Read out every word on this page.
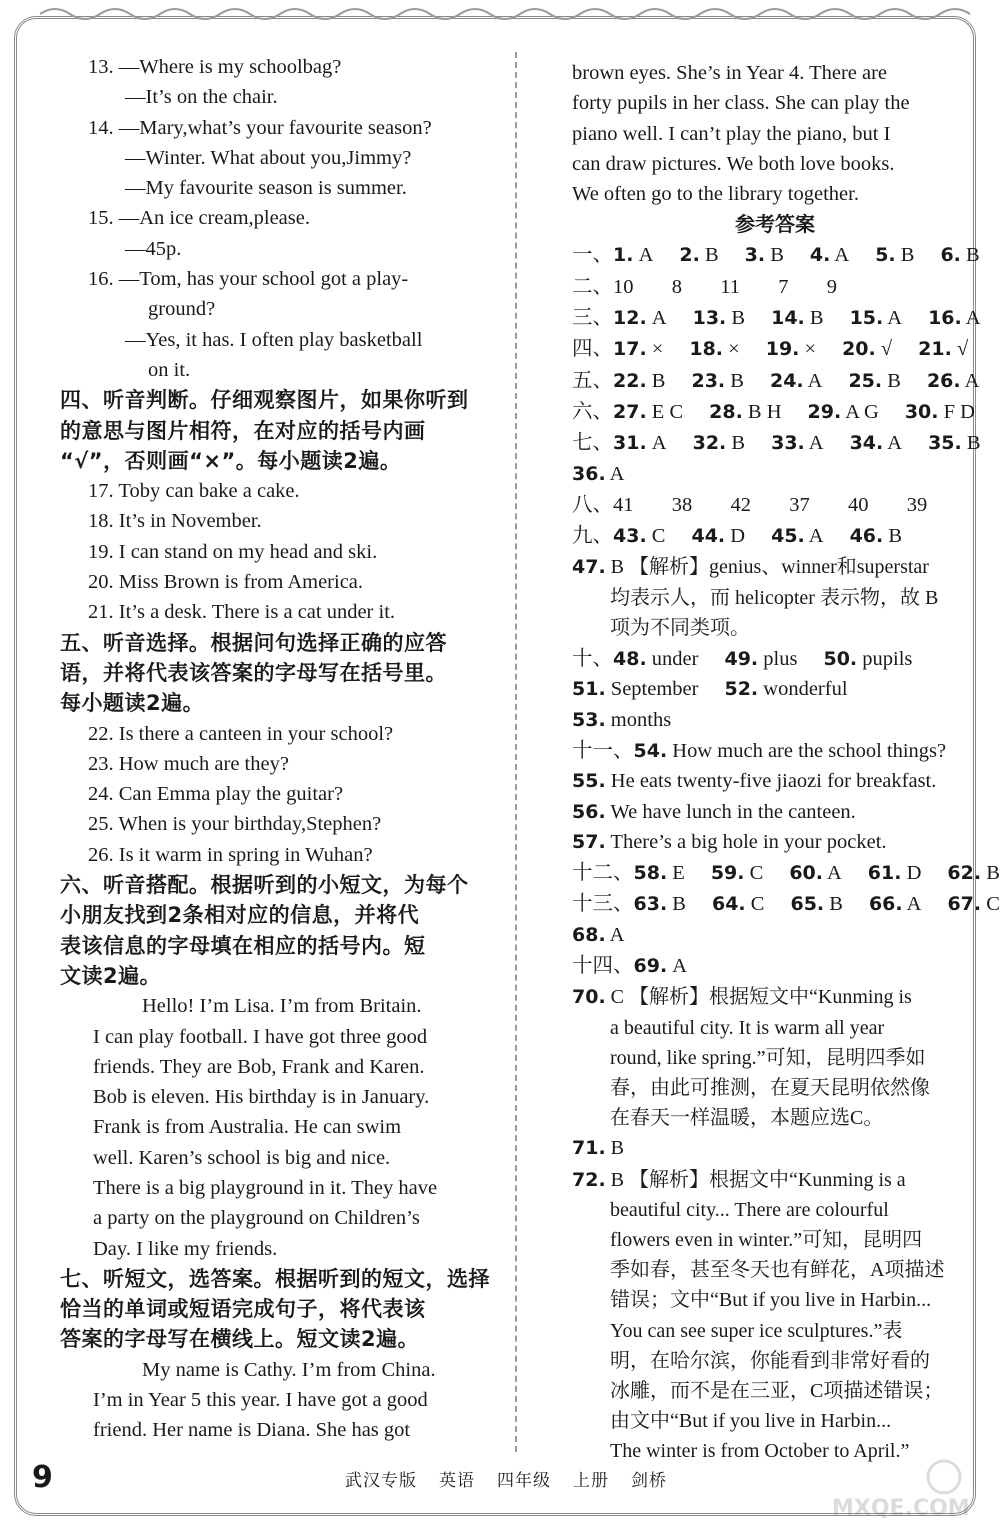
13. —Where is my schoolbag?
—It’s on the chair.
14. —Mary,what’s your favourite season?
—Winter. What about you,Jimmy?
—My favourite season is summer.
15. —An ice cream,please.
—45p.
16. —Tom, has your school got a play-
ground?
—Yes, it has. I often play basketball
on it.
四、听音判断。仔细观察图片，如果你听到
的意思与图片相符，在对应的括号内画
“√”，否则画“×”。每小题读2遍。
17. Toby can bake a cake.
18. It’s in November.
19. I can stand on my head and ski.
20. Miss Brown is from America.
21. It’s a desk. There is a cat under it.
五、听音选择。根据问句选择正确的应答
语，并将代表该答案的字母写在括号里。
每小题读2遍。
22. Is there a canteen in your school?
23. How much are they?
24. Can Emma play the guitar?
25. When is your birthday,Stephen?
26. Is it warm in spring in Wuhan?
六、听音搭配。根据听到的小短文，为每个
小朋友找到2条相对应的信息，并将代
表该信息的字母填在相应的括号内。短
文读2遍。
Hello! I’m Lisa. I’m from Britain.
I can play football. I have got three good
friends. They are Bob, Frank and Karen.
Bob is eleven. His birthday is in January.
Frank is from Australia. He can swim
well. Karen’s school is big and nice.
There is a big playground in it. They have
a party on the playground on Children’s
Day. I like my friends.
七、听短文，选答案。根据听到的短文，选择
恰当的单词或短语完成句子，将代表该
答案的字母写在横线上。短文读2遍。
My name is Cathy. I’m from China.
I’m in Year 5 this year. I have got a good
friend. Her name is Diana. She has got
brown eyes. She’s in Year 4. There are
forty pupils in her class. She can play the
piano well. I can’t play the piano, but I
can draw pictures. We both love books.
We often go to the library together.
参考答案
一、1. A 2. B 3. B 4. A 5. B 6. B
二、10  8  11  7  9
三、12. A 13. B 14. B 15. A 16. A
四、17. × 18. × 19. × 20. √ 21. √
五、22. B 23. B 24. A 25. B 26. A
六、27. E C 28. B H 29. A G 30. F D
七、31. A 32. B 33. A 34. A 35. B
36. A
八、41  38  42  37  40  39
九、43. C 44. D 45. A 46. B
47. B 【解析】genius、winner和superstar
均表示人，而 helicopter 表示物，故 B
项为不同类项。
十、48. under 49. plus 50. pupils
51. September 52. wonderful
53. months
十一、54. How much are the school things?
55. He eats twenty-five jiaozi for breakfast.
56. We have lunch in the canteen.
57. There’s a big hole in your pocket.
十二、58. E 59. C 60. A 61. D 62. B
十三、63. B 64. C 65. B 66. A 67. C
68. A
十四、69. A
70. C 【解析】根据短文中“Kunming is
a beautiful city. It is warm all year
round, like spring.”可知，昆明四季如
春，由此可推测，在夏天昆明依然像
在春天一样温暖，本题应选C。
71. B
72. B 【解析】根据文中“Kunming is a
beautiful city... There are colourful
flowers even in winter.”可知，昆明四
季如春，甚至冬天也有鲜花，A项描述
错误；文中“But if you live in Harbin...
You can see super ice sculptures.”表
明，在哈尔滨，你能看到非常好看的
冰雕，而不是在三亚，C项描述错误；
由文中“But if you live in Harbin...
The winter is from October to April.”
9	武汉专版 英语 四年级 上册 剑桥
MXQE.COM
